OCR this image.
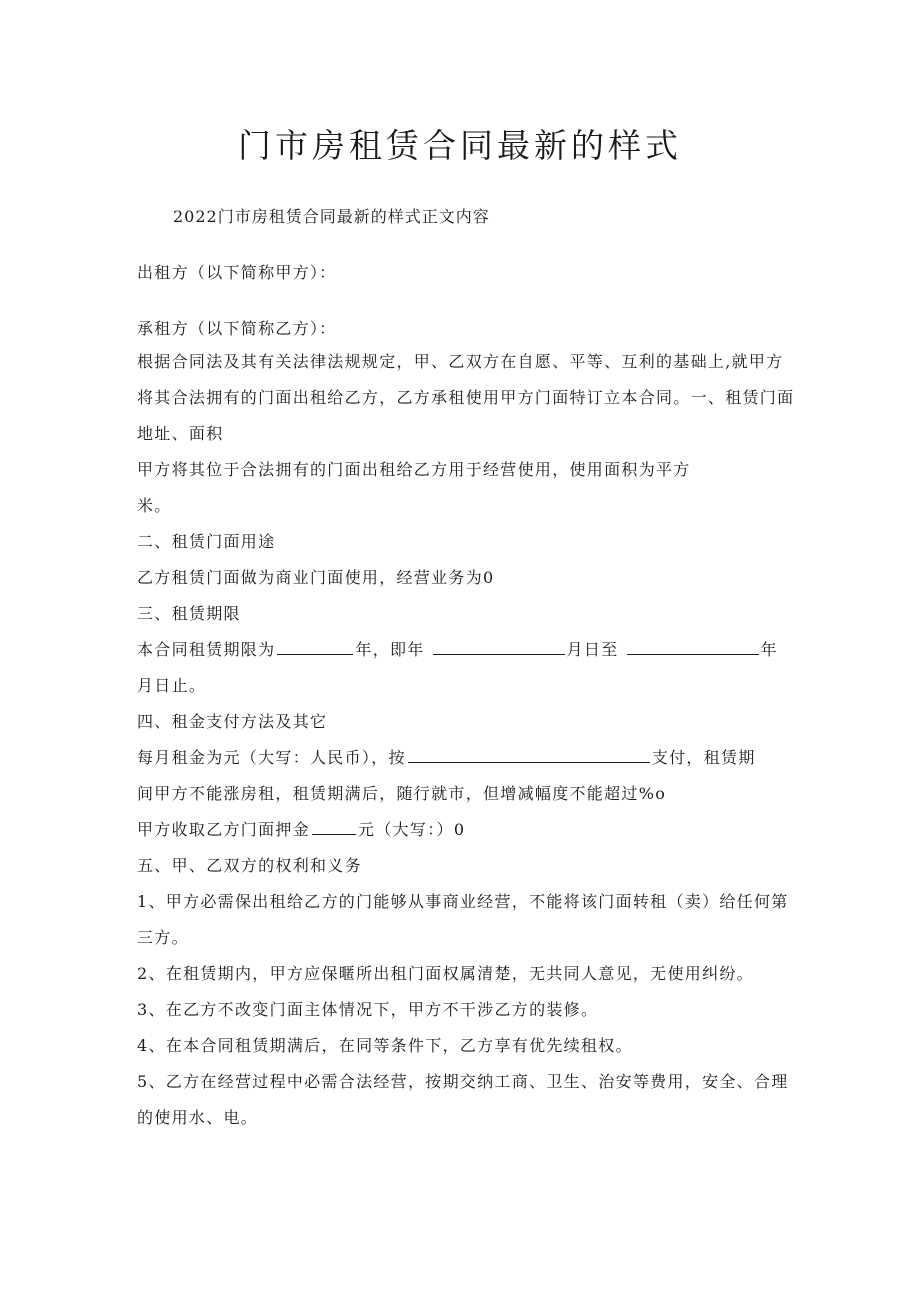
门市房租赁合同最新的样式
2022门市房租赁合同最新的样式正文内容
出租方（以下简称甲方）：
承租方（以下简称乙方）：
根据合同法及其有关法律法规规定，甲、乙双方在自愿、平等、互利的基础上,就甲方
将其合法拥有的门面出租给乙方，乙方承租使用甲方门面特订立本合同。一、租赁门面
地址、面积
甲方将其位于合法拥有的门面出租给乙方用于经营使用，使用面积为平方
米。
二、租赁门面用途
乙方租赁门面做为商业门面使用，经营业务为0
三、租赁期限
本合同租赁期限为	年，即年	月日至	年
月日止。
四、租金支付方法及其它
每月租金为元（大写：人民币），按	支付，租赁期
间甲方不能涨房租，租赁期满后，随行就市，但增减幅度不能超过%o
甲方收取乙方门面押金	元（大写：）0
五、甲、乙双方的权利和义务
1、甲方必需保出租给乙方的门能够从事商业经营，不能将该门面转租（卖）给任何第
三方。
2、在租赁期内，甲方应保暱所出租门面权属清楚，无共同人意见，无使用纠纷。
3、在乙方不改变门面主体情况下，甲方不干涉乙方的装修。
4、在本合同租赁期满后，在同等条件下，乙方享有优先续租权。
5、乙方在经营过程中必需合法经营，按期交纳工商、卫生、治安等费用，安全、合理
的使用水、电。
